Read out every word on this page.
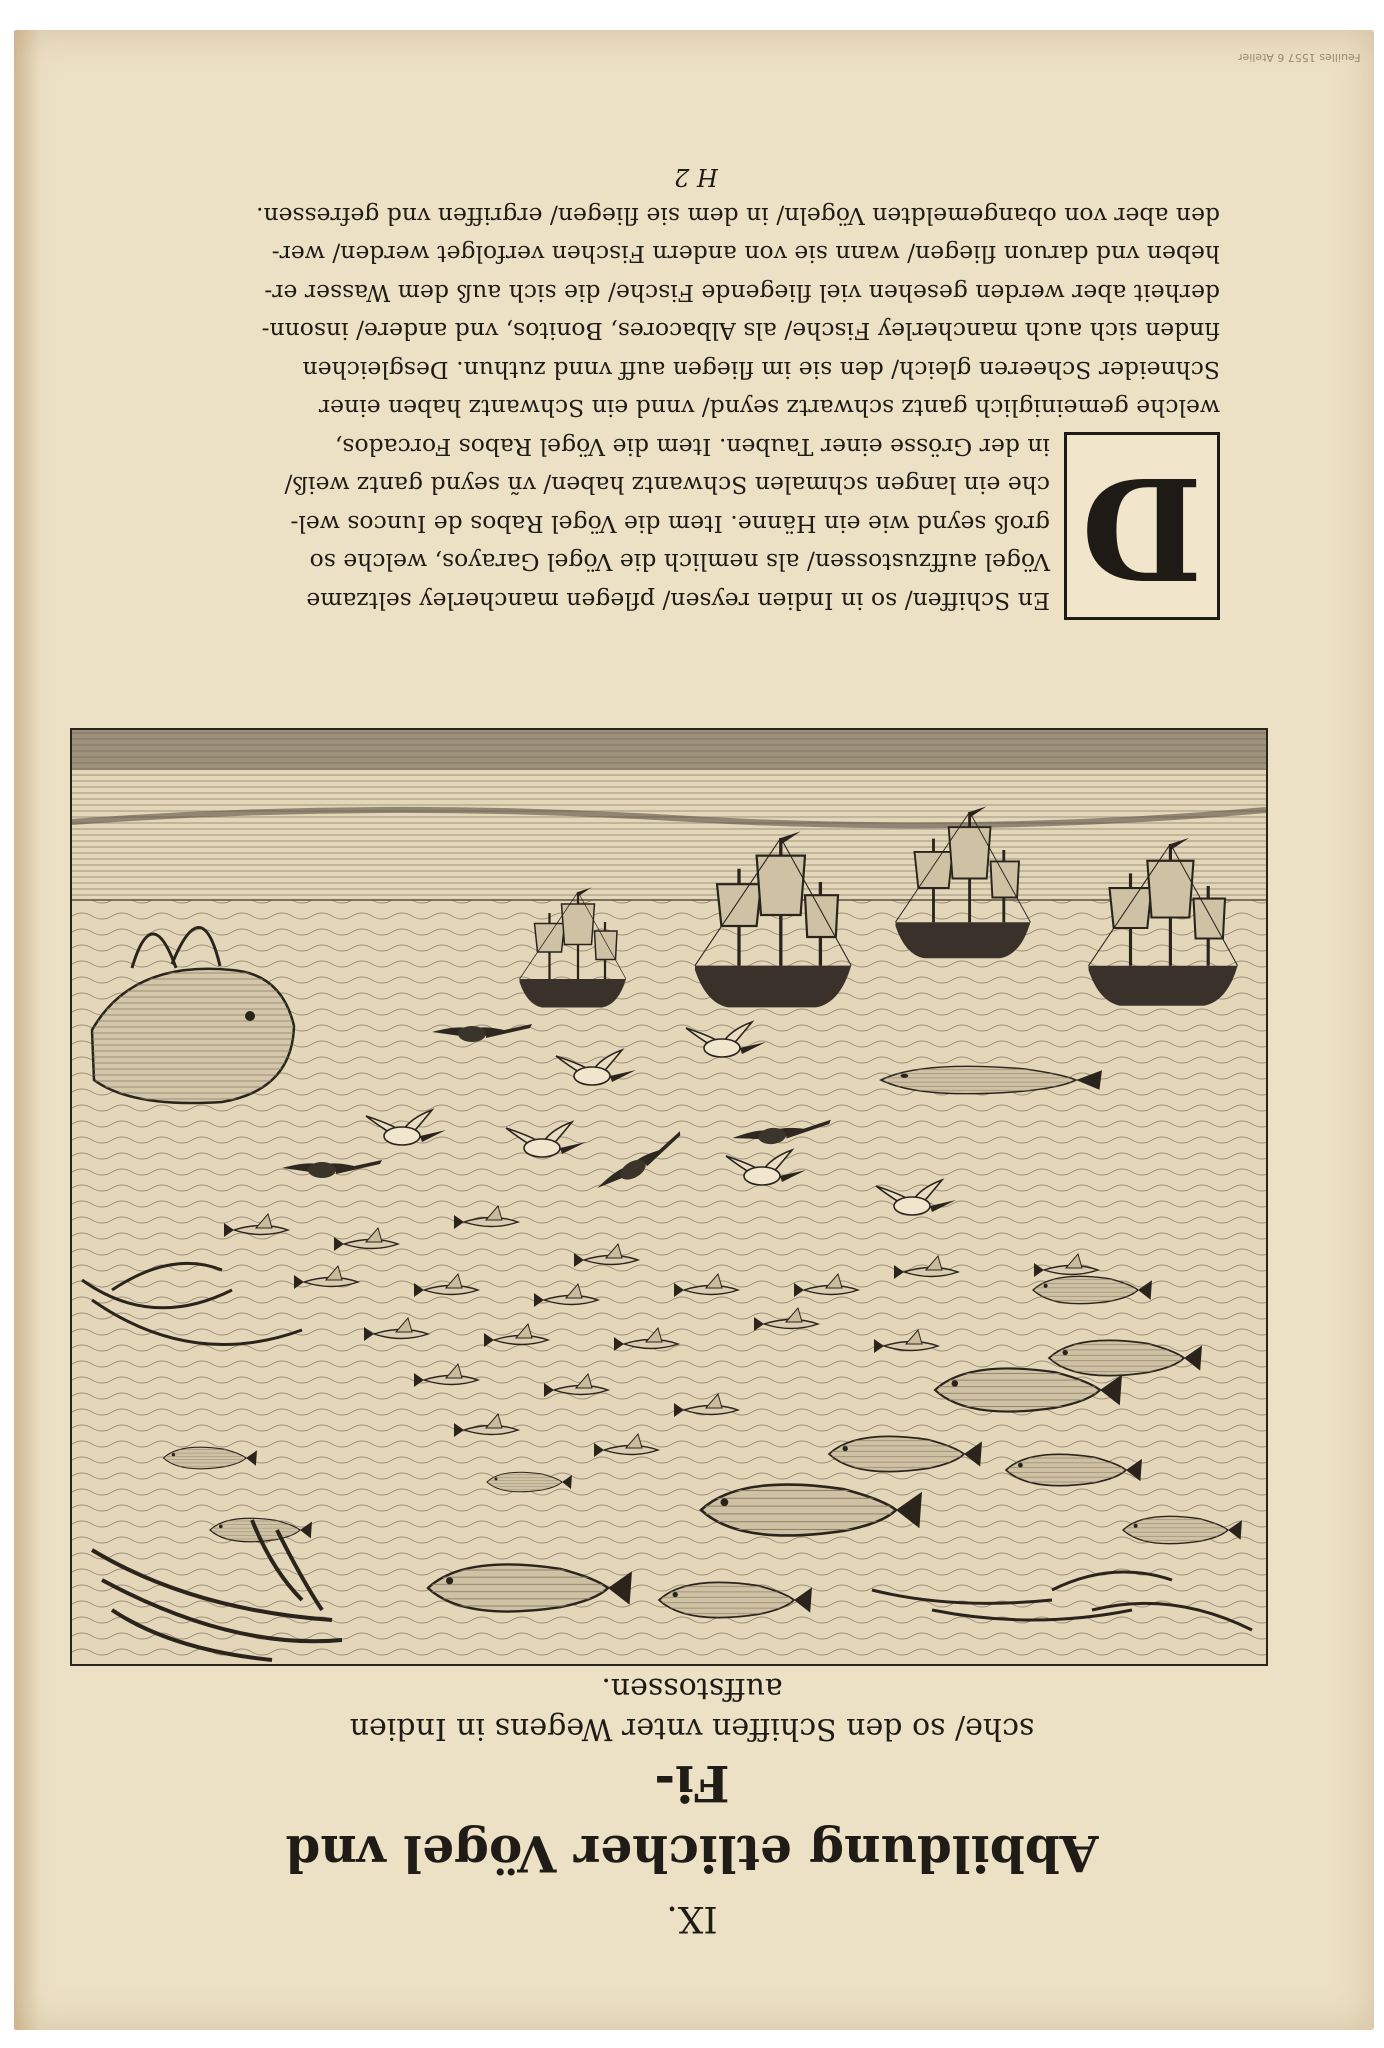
Feuilles 1557 6 Atelier
D

En Schiffen/ so in Indien reysen/ pflegen mancherley seltzame

Vögel auffzustossen/ als nemlich die Vögel Garayos, welche so

groß seynd wie ein Hänne. Item die Vögel Rabos de Iuncos wel-

che ein langen schmalen Schwantz haben/ vñ seynd gantz weiß/

in der Grösse einer Tauben. Item die Vögel Rabos Forcados,

welche gemeiniglich gantz schwartz seynd/ vnnd ein Schwantz haben einer

Schneider Scheeren gleich/ den sie im fliegen auff vnnd zuthun. Desgleichen

finden sich auch mancherley Fische/ als Albacores, Bonitos, vnd andere/ insonn-

derheit aber werden gesehen viel fliegende Fische/ die sich auß dem Wasser er-

heben vnd daruon fliegen/ wann sie von andern Fischen verfolget werden/ wer-

den aber von obangemeldten Vögeln/ in dem sie fliegen/ ergriffen vnd gefressen.

H 2

IX.

Abbildung etlicher Vögel vnd Fi-

sche/ so den Schiffen vnter Wegens in Indien

auffstossen.
